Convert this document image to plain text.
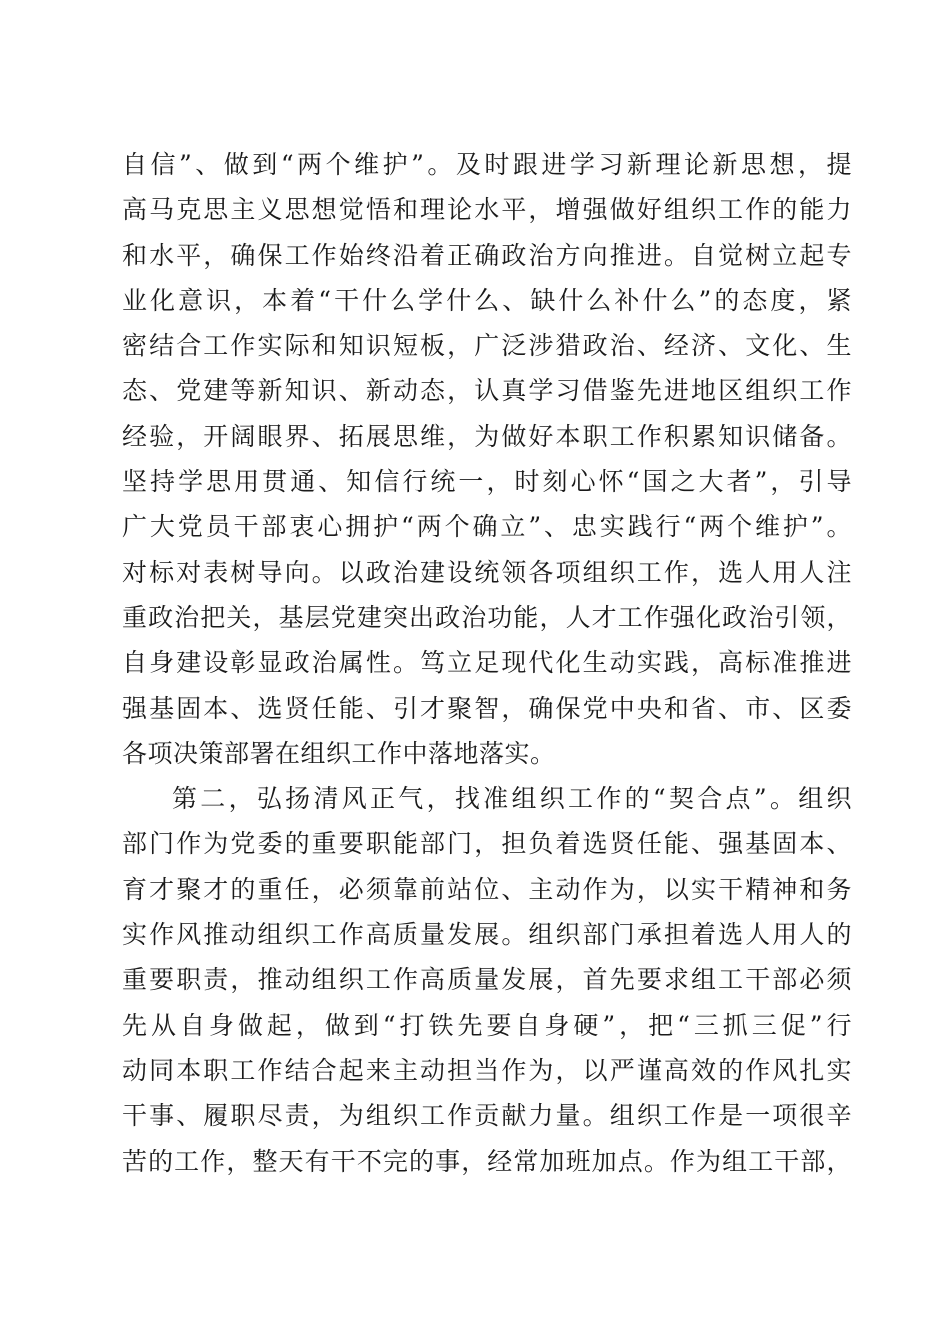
自信”、做到“两个维护”。及时跟进学习新理论新思想，提
高马克思主义思想觉悟和理论水平，增强做好组织工作的能力
和水平，确保工作始终沿着正确政治方向推进。自觉树立起专
业化意识，本着“干什么学什么、缺什么补什么”的态度，紧
密结合工作实际和知识短板，广泛涉猎政治、经济、文化、生
态、党建等新知识、新动态，认真学习借鉴先进地区组织工作
经验，开阔眼界、拓展思维，为做好本职工作积累知识储备。
坚持学思用贯通、知信行统一，时刻心怀“国之大者”，引导
广大党员干部衷心拥护“两个确立”、忠实践行“两个维护”。
对标对表树导向。以政治建设统领各项组织工作，选人用人注
重政治把关，基层党建突出政治功能，人才工作强化政治引领，
自身建设彰显政治属性。笃立足现代化生动实践，高标准推进
强基固本、选贤任能、引才聚智，确保党中央和省、市、区委
各项决策部署在组织工作中落地落实。
第二，弘扬清风正气，找准组织工作的“契合点”。组织
部门作为党委的重要职能部门，担负着选贤任能、强基固本、
育才聚才的重任，必须靠前站位、主动作为，以实干精神和务
实作风推动组织工作高质量发展。组织部门承担着选人用人的
重要职责，推动组织工作高质量发展，首先要求组工干部必须
先从自身做起，做到“打铁先要自身硬”，把“三抓三促”行
动同本职工作结合起来主动担当作为，以严谨高效的作风扎实
干事、履职尽责，为组织工作贡献力量。组织工作是一项很辛
苦的工作，整天有干不完的事，经常加班加点。作为组工干部，
